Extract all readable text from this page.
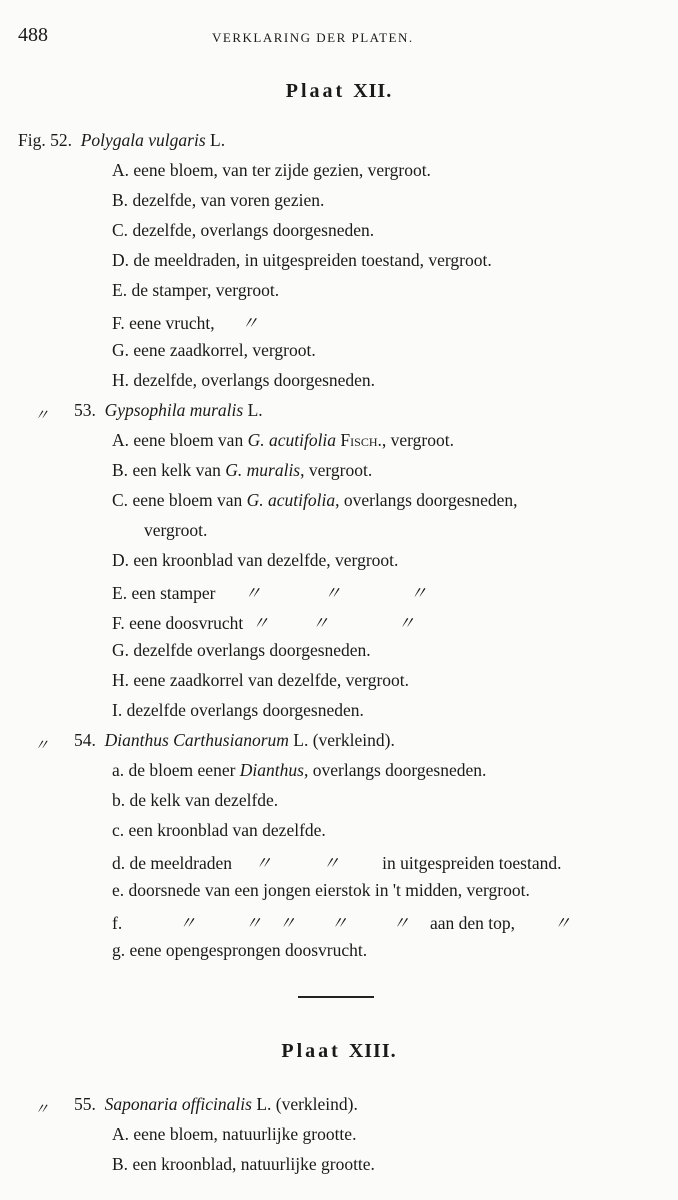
488	VERKLARING DER PLATEN.
Plaat XII.
Fig. 52. Polygala vulgaris L.
A. eene bloem, van ter zijde gezien, vergroot.
B. dezelfde, van voren gezien.
C. dezelfde, overlangs doorgesneden.
D. de meeldraden, in uitgespreiden toestand, vergroot.
E. de stamper, vergroot.
F. eene vrucht, 〃
G. eene zaadkorrel, vergroot.
H. dezelfde, overlangs doorgesneden.
〃 53. Gypsophila muralis L.
A. eene bloem van G. acutifolia Fisch., vergroot.
B. een kelk van G. muralis, vergroot.
C. eene bloem van G. acutifolia, overlangs doorgesneden,
vergroot.
D. een kroonblad van dezelfde, vergroot.
E. een stamper 〃	〃	〃
F. eene doosvrucht 〃 〃	〃
G. dezelfde overlangs doorgesneden.
H. eene zaadkorrel van dezelfde, vergroot.
I. dezelfde overlangs doorgesneden.
〃 54. Dianthus Carthusianorum L. (verkleind).
a. de bloem eener Dianthus, overlangs doorgesneden.
b. de kelk van dezelfde.
c. een kroonblad van dezelfde.
d. de meeldraden 〃	〃 in uitgespreiden toestand.
e. doorsnede van een jongen eierstok in 't midden, vergroot.
f.	〃	〃 〃 〃	〃 aan den top, 〃
g. eene opengesprongen doosvrucht.
Plaat XIII.
〃 55. Saponaria officinalis L. (verkleind).
A. eene bloem, natuurlijke grootte.
B. een kroonblad, natuurlijke grootte.
